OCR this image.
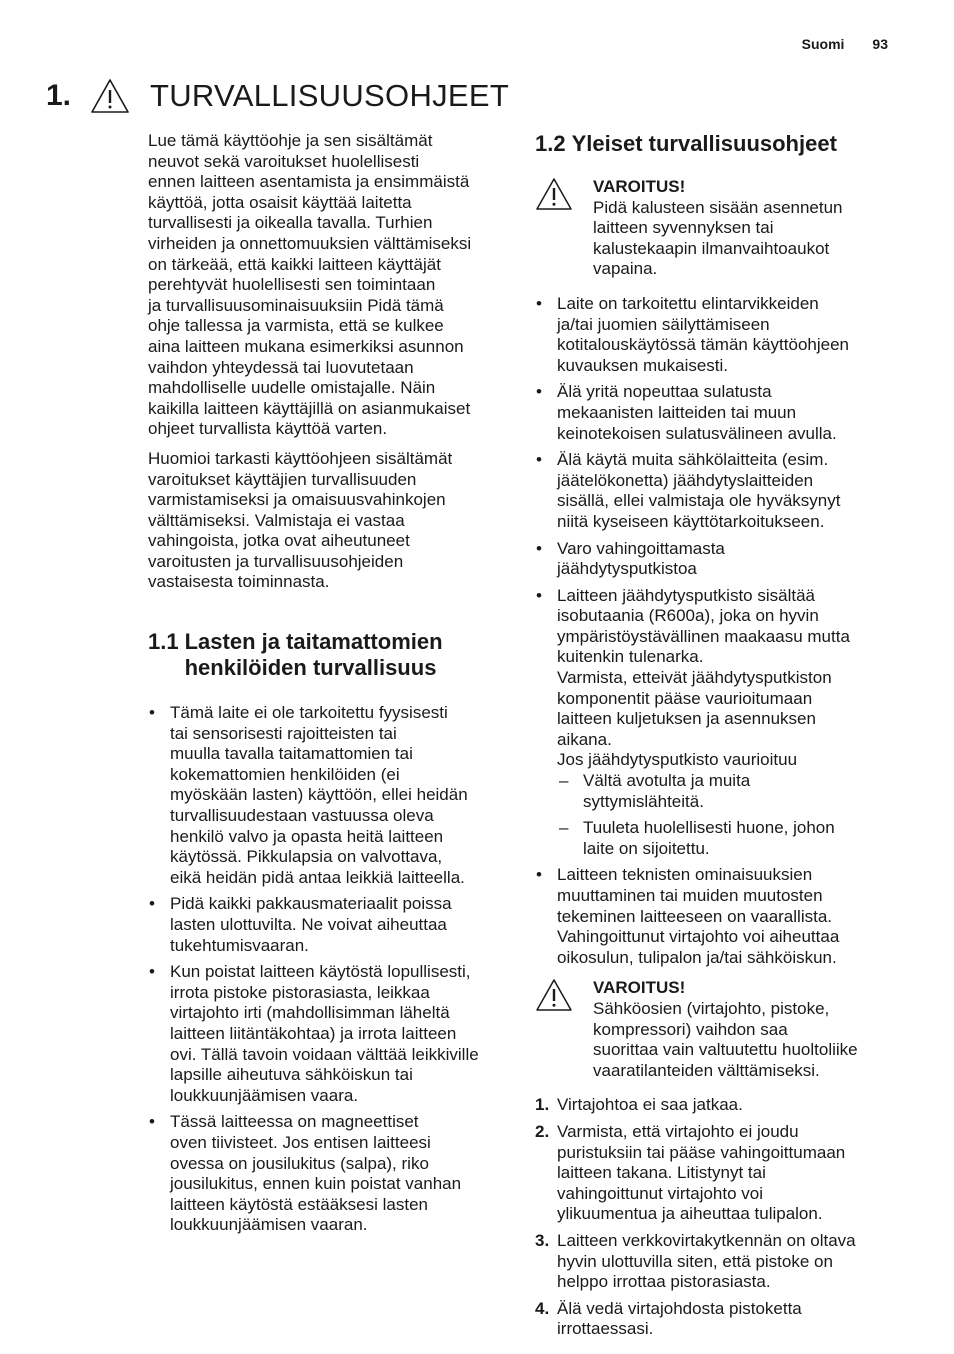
Suomi 93
1.	TURVALLISUUSOHJEET

Lue tämä käyttöohje ja sen sisältämät
neuvot sekä varoitukset huolellisesti
ennen laitteen asentamista ja ensimmäistä
käyttöä, jotta osaisit käyttää laitetta
turvallisesti ja oikealla tavalla. Turhien
virheiden ja onnettomuuksien välttämiseksi
on tärkeää, että kaikki laitteen käyttäjät
perehtyvät huolellisesti sen toimintaan
ja turvallisuusominaisuuksiin Pidä tämä
ohje tallessa ja varmista, että se kulkee
aina laitteen mukana esimerkiksi asunnon
vaihdon yhteydessä tai luovutetaan
mahdolliselle uudelle omistajalle. Näin
kaikilla laitteen käyttäjillä on asianmukaiset
ohjeet turvallista käyttöä varten.

Huomioi tarkasti käyttöohjeen sisältämät
varoitukset käyttäjien turvallisuuden
varmistamiseksi ja omaisuusvahinkojen
välttämiseksi. Valmistaja ei vastaa
vahingoista, jotka ovat aiheutuneet
varoitusten ja turvallisuusohjeiden
vastaisesta toiminnasta.

1.1 Lasten ja taitamattomien
henkilöiden turvallisuus
• Tämä laite ei ole tarkoitettu fyysisesti
tai sensorisesti rajoitteisten tai
muulla tavalla taitamattomien tai
kokemattomien henkilöiden (ei
myöskään lasten) käyttöön, ellei heidän
turvallisuudestaan vastuussa oleva
henkilö valvo ja opasta heitä laitteen
käytössä. Pikkulapsia on valvottava,
eikä heidän pidä antaa leikkiä laitteella.
• Pidä kaikki pakkausmateriaalit poissa
lasten ulottuvilta. Ne voivat aiheuttaa
tukehtumisvaaran.
• Kun poistat laitteen käytöstä lopullisesti,
irrota pistoke pistorasiasta, leikkaa
virtajohto irti (mahdollisimman läheltä
laitteen liitäntäkohtaa) ja irrota laitteen
ovi. Tällä tavoin voidaan välttää leikkiville
lapsille aiheutuva sähköiskun tai
loukkuunjäämisen vaara.
• Tässä laitteessa on magneettiset
oven tiivisteet. Jos entisen laitteesi
ovessa on jousilukitus (salpa), riko
jousilukitus, ennen kuin poistat vanhan
laitteen käytöstä estääksesi lasten
loukkuunjäämisen vaaran.
1.2 Yleiset turvallisuusohjeet
VAROITUS!
Pidä kalusteen sisään asennetun
laitteen syvennyksen tai
kalustekaapin ilmanvaihtoaukot
vapaina.
• Laite on tarkoitettu elintarvikkeiden
ja/tai juomien säilyttämiseen
kotitalouskäytössä tämän käyttöohjeen
kuvauksen mukaisesti.
• Älä yritä nopeuttaa sulatusta
mekaanisten laitteiden tai muun
keinotekoisen sulatusvälineen avulla.
• Älä käytä muita sähkölaitteita (esim.
jäätelökonetta) jäähdytyslaitteiden
sisällä, ellei valmistaja ole hyväksynyt
niitä kyseiseen käyttötarkoitukseen.
• Varo vahingoittamasta
jäähdytysputkistoa
• Laitteen jäähdytysputkisto sisältää
isobutaania (R600a), joka on hyvin
ympäristöystävällinen maakaasu mutta
kuitenkin tulenarka.
Varmista, etteivät jäähdytysputkiston
komponentit pääse vaurioitumaan
laitteen kuljetuksen ja asennuksen
aikana.
Jos jäähdytysputkisto vaurioituu
– Vältä avotulta ja muita
syttymislähteitä.
– Tuuleta huolellisesti huone, johon
laite on sijoitettu.
• Laitteen teknisten ominaisuuksien
muuttaminen tai muiden muutosten
tekeminen laitteeseen on vaarallista.
Vahingoittunut virtajohto voi aiheuttaa
oikosulun, tulipalon ja/tai sähköiskun.
VAROITUS!
Sähköosien (virtajohto, pistoke,
kompressori) vaihdon saa
suorittaa vain valtuutettu huoltoliike
vaaratilanteiden välttämiseksi.
1. Virtajohtoa ei saa jatkaa.
2. Varmista, että virtajohto ei joudu
puristuksiin tai pääse vahingoittumaan
laitteen takana. Litistynyt tai
vahingoittunut virtajohto voi
ylikuumentua ja aiheuttaa tulipalon.
3. Laitteen verkkovirtakytkennän on oltava
hyvin ulottuvilla siten, että pistoke on
helppo irrottaa pistorasiasta.
4. Älä vedä virtajohdosta pistoketta
irrottaessasi.
